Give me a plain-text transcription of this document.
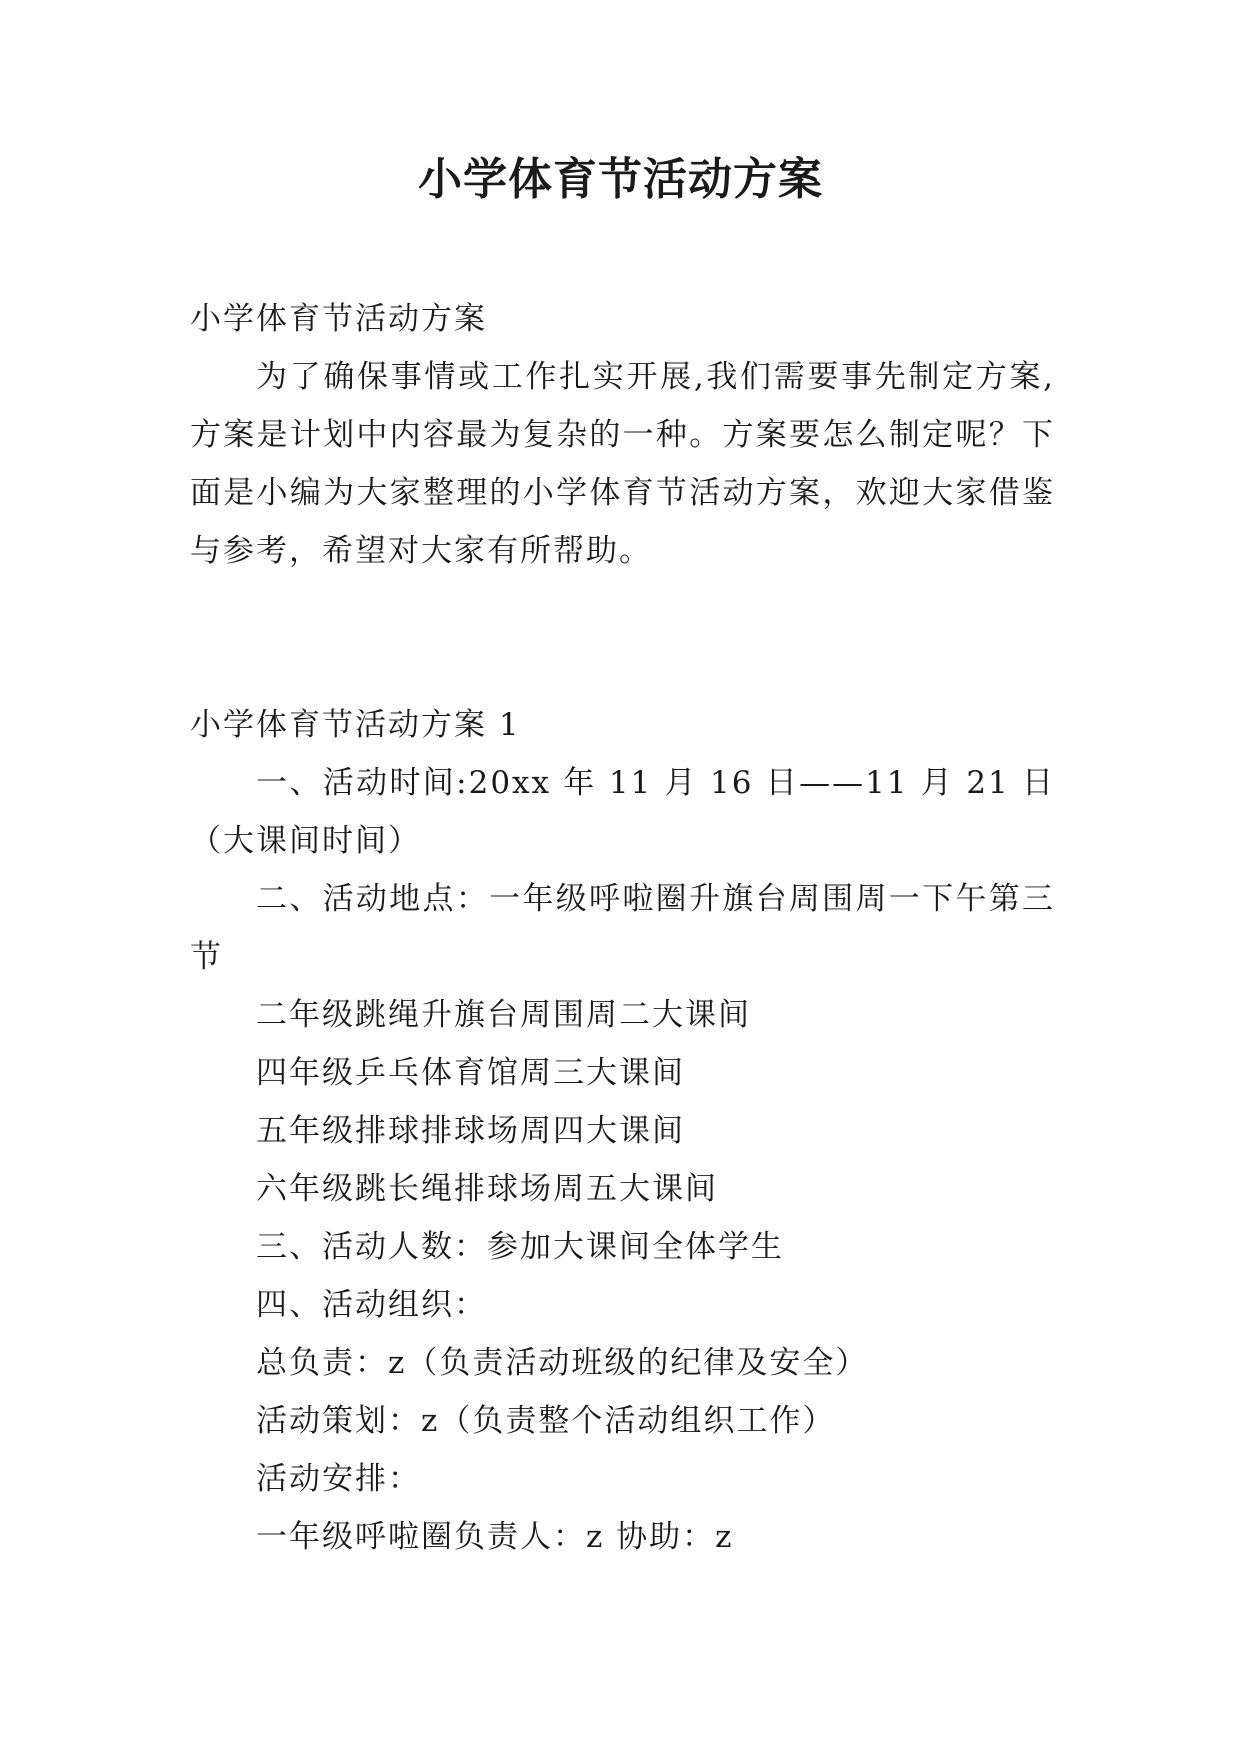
小学体育节活动方案

小学体育节活动方案

为了确保事情或工作扎实开展,我们需要事先制定方案,方案是计划中内容最为复杂的一种。方案要怎么制定呢？下面是小编为大家整理的小学体育节活动方案，欢迎大家借鉴与参考，希望对大家有所帮助。

小学体育节活动方案 1

一、活动时间:20xx 年 11 月 16 日——11 月 21 日（大课间时间）

二、活动地点：一年级呼啦圈升旗台周围周一下午第三节

二年级跳绳升旗台周围周二大课间

四年级乒乓体育馆周三大课间

五年级排球排球场周四大课间

六年级跳长绳排球场周五大课间

三、活动人数：参加大课间全体学生

四、活动组织：

总负责：z（负责活动班级的纪律及安全）

活动策划：z（负责整个活动组织工作）

活动安排：

一年级呼啦圈负责人：z 协助：z
